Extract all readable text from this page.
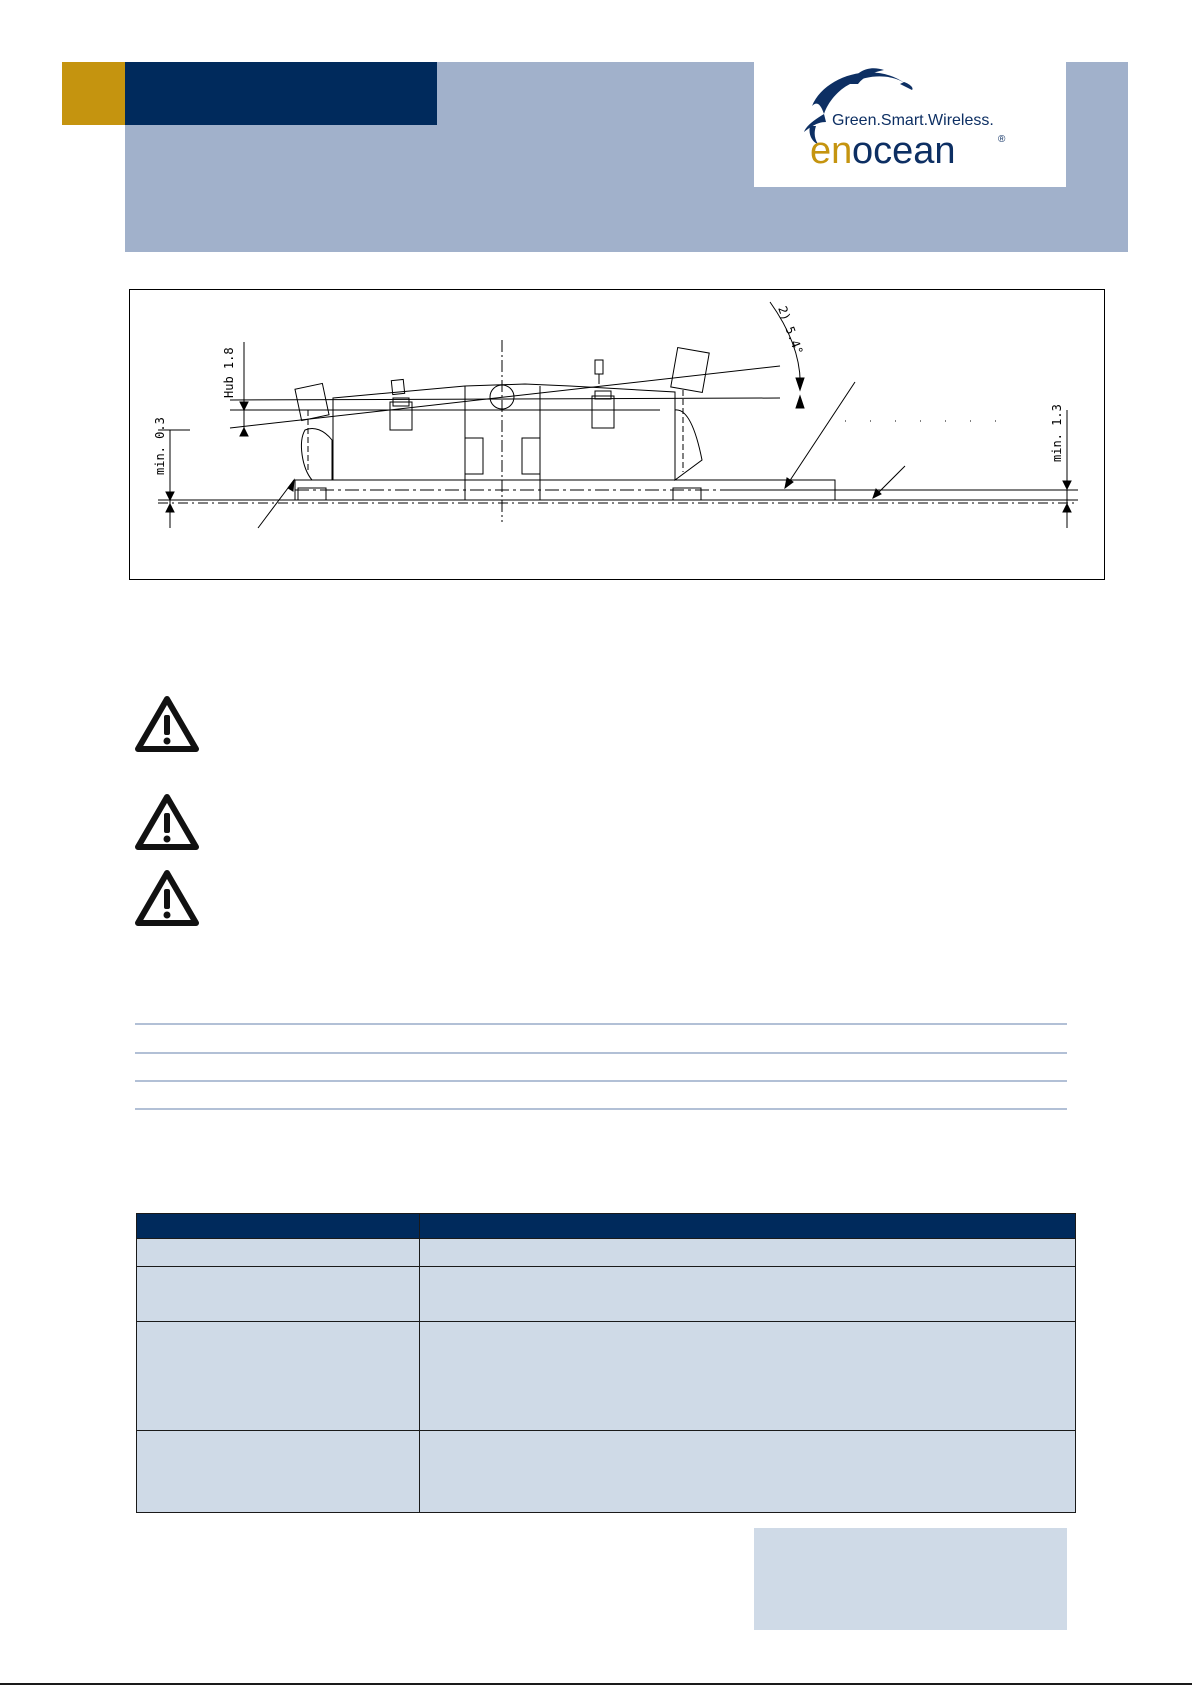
Green.Smart.Wireless.
en ocean	®
Hub 1.8
min. 0.3	min. 1.3
2) 5.4°
